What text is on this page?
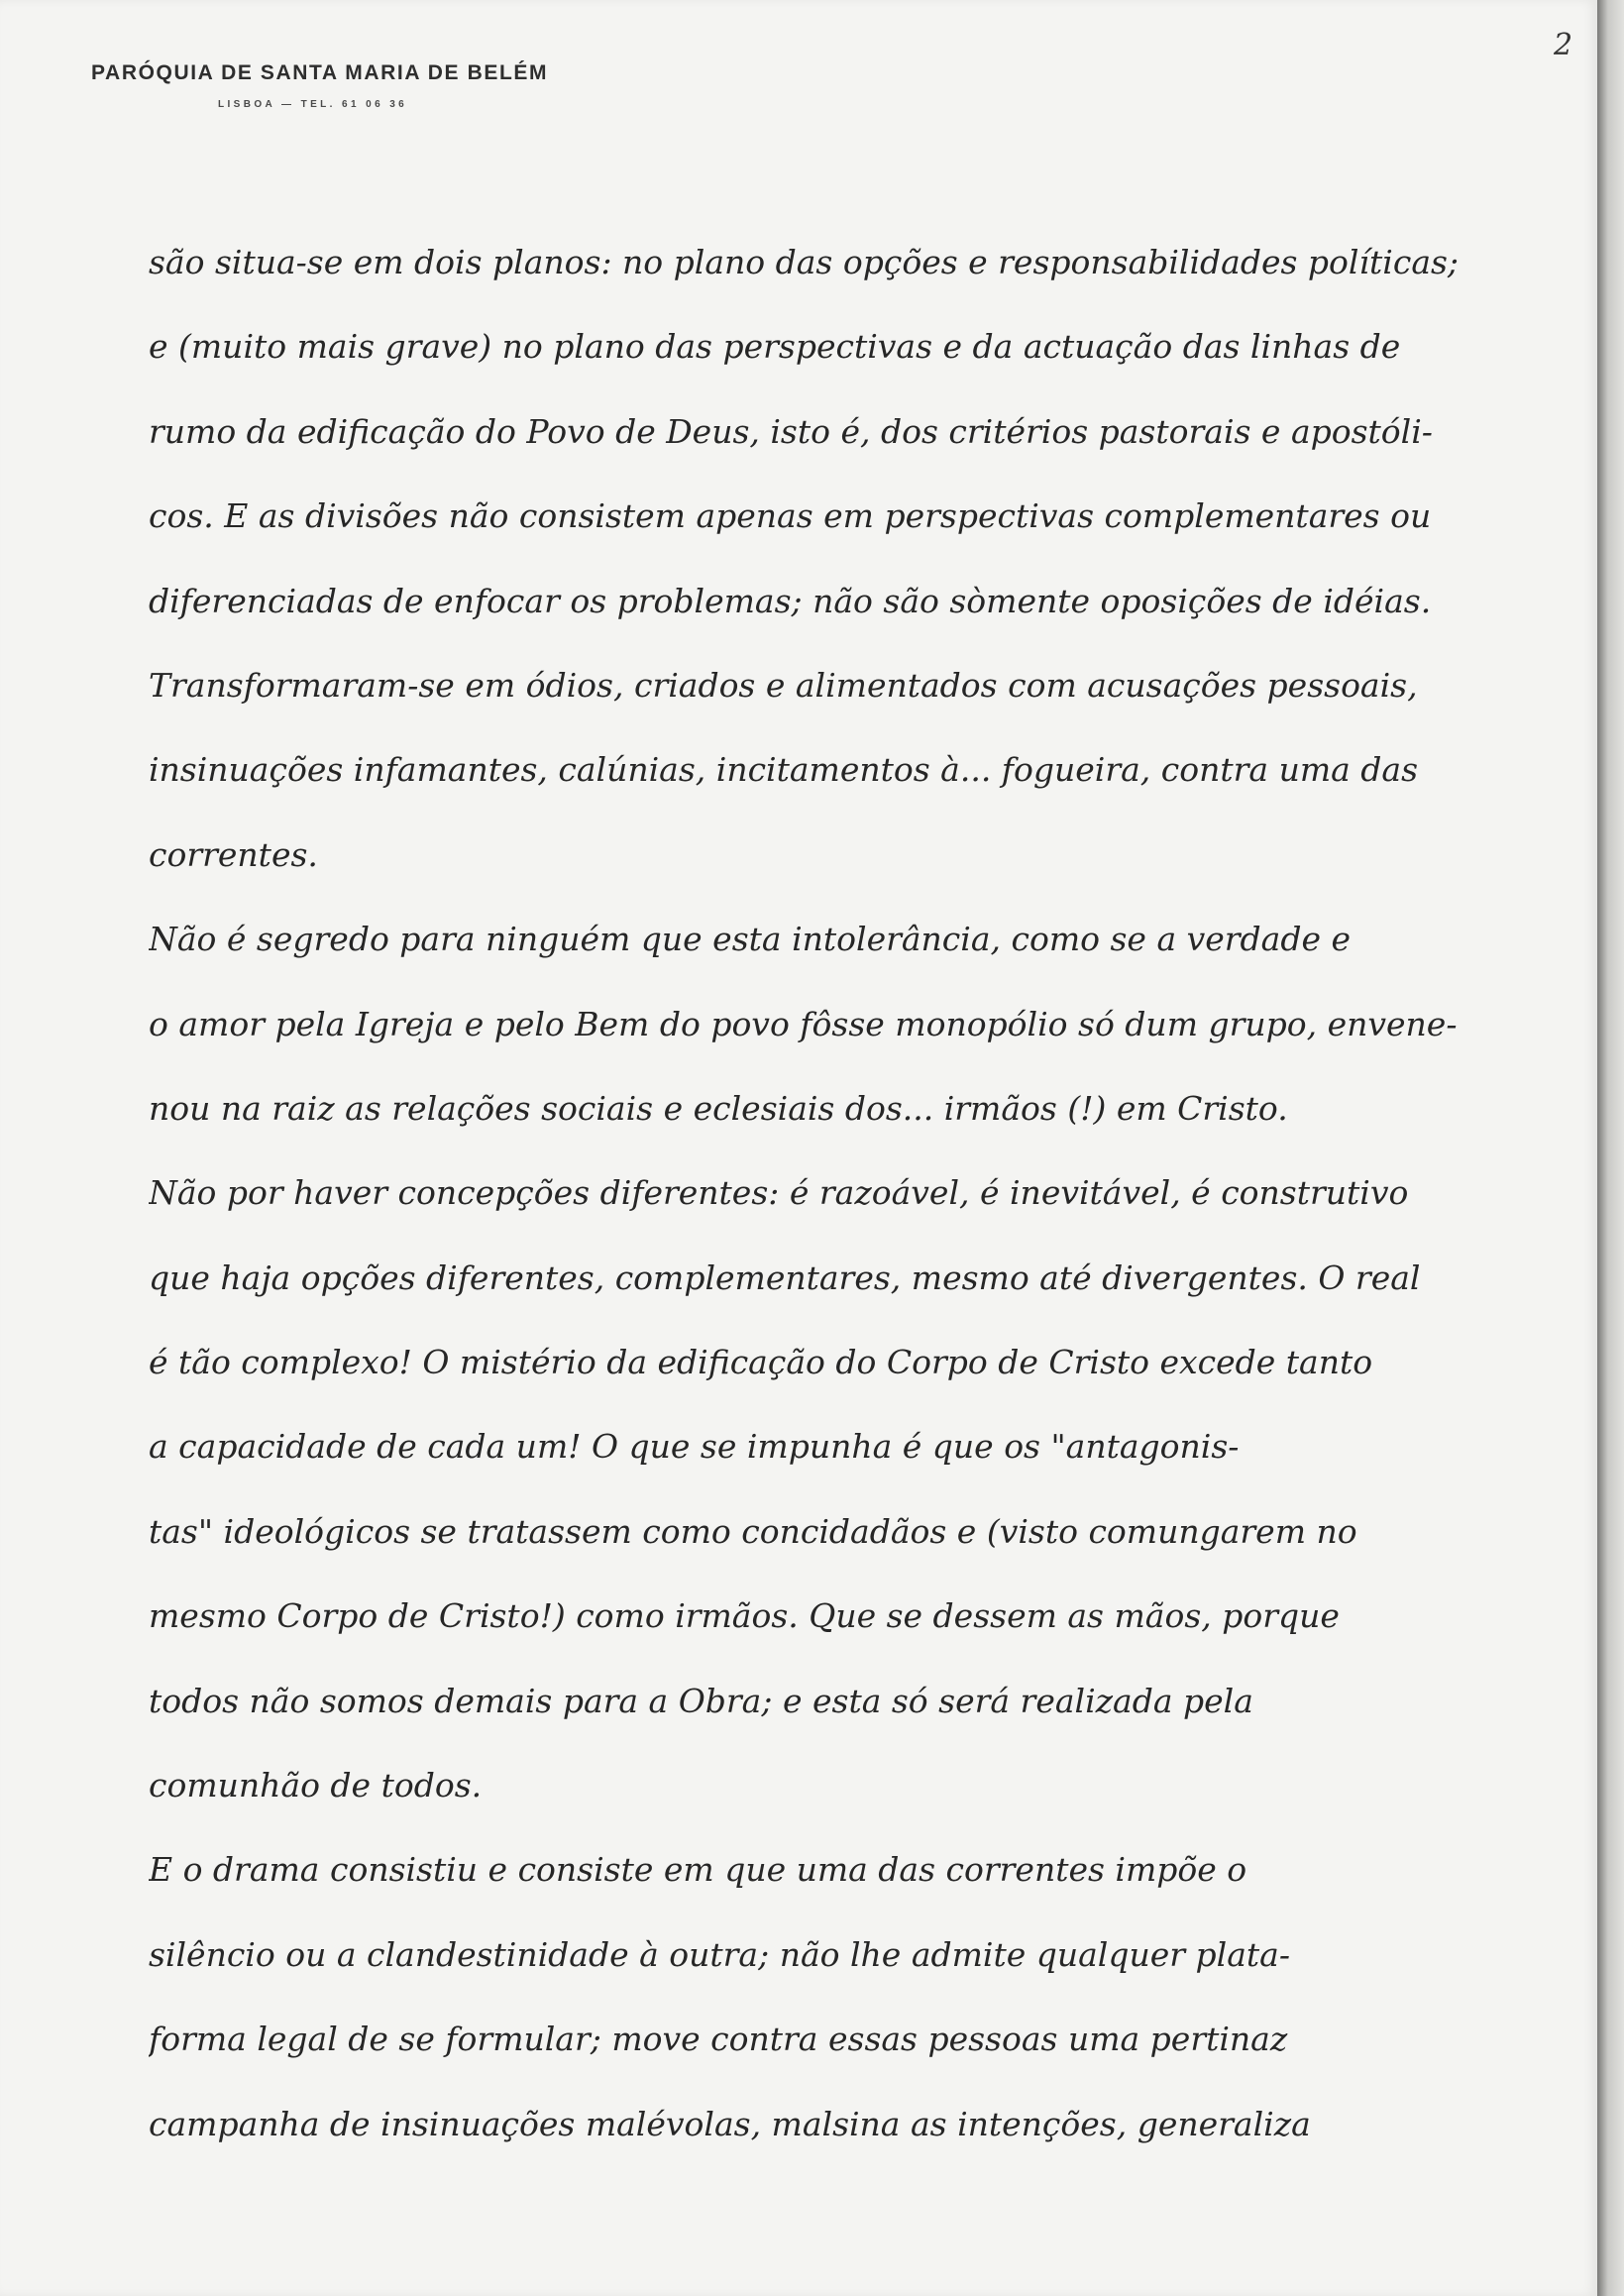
PARÓQUIA DE SANTA MARIA DE BELÉM
LISBOA — TEL. 61 06 36
2
são situa-se em dois planos: no plano das opções e responsabilidades políticas;
e (muito mais grave) no plano das perspectivas e da actuação das linhas de
rumo da edificação do Povo de Deus, isto é, dos critérios pastorais e apostóli-
cos. E as divisões não consistem apenas em perspectivas complementares ou
diferenciadas de enfocar os problemas; não são sòmente oposições de idéias.
Transformaram-se em ódios, criados e alimentados com acusações pessoais,
insinuações infamantes, calúnias, incitamentos à... fogueira, contra uma das
correntes.
Não é segredo para ninguém que esta intolerância, como se a verdade e
o amor pela Igreja e pelo Bem do povo fôsse monopólio só dum grupo, envene-
nou na raiz as relações sociais e eclesiais dos... irmãos (!) em Cristo.
Não por haver concepções diferentes: é razoável, é inevitável, é construtivo
que haja opções diferentes, complementares, mesmo até divergentes. O real
é tão complexo! O mistério da edificação do Corpo de Cristo excede tanto
a capacidade de cada um! O que se impunha é que os "antagonis-
tas" ideológicos se tratassem como concidadãos e (visto comungarem no
mesmo Corpo de Cristo!) como irmãos. Que se dessem as mãos, porque
todos não somos demais para a Obra; e esta só será realizada pela
comunhão de todos.
E o drama consistiu e consiste em que uma das correntes impõe o
silêncio ou a clandestinidade à outra; não lhe admite qualquer plata-
forma legal de se formular; move contra essas pessoas uma pertinaz
campanha de insinuações malévolas, malsina as intenções, generaliza
